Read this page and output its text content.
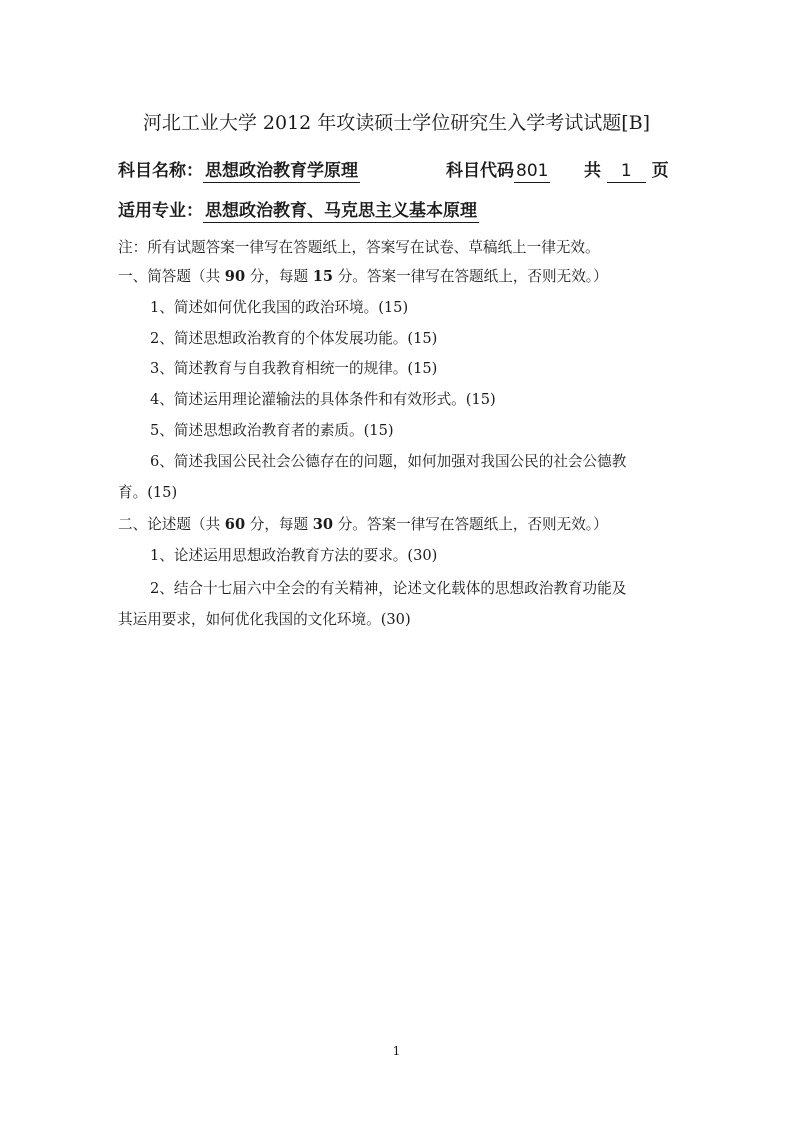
河北工业大学 2012 年攻读硕士学位研究生入学考试试题[B]
科目名称： 思想政治教育学原理	科目代码 801 共 1 页
适用专业： 思想政治教育、马克思主义基本原理
注：所有试题答案一律写在答题纸上，答案写在试卷、草稿纸上一律无效。
一、简答题（共 90 分，每题 15 分。答案一律写在答题纸上，否则无效。）
1、简述如何优化我国的政治环境。(15)
2、简述思想政治教育的个体发展功能。(15)
3、简述教育与自我教育相统一的规律。(15)
4、简述运用理论灌输法的具体条件和有效形式。(15)
5、简述思想政治教育者的素质。(15)
6、简述我国公民社会公德存在的问题，如何加强对我国公民的社会公德教
育。(15)
二、论述题（共 60 分，每题 30 分。答案一律写在答题纸上，否则无效。）
1、论述运用思想政治教育方法的要求。(30)
2、结合十七届六中全会的有关精神，论述文化载体的思想政治教育功能及
其运用要求，如何优化我国的文化环境。(30)
1
